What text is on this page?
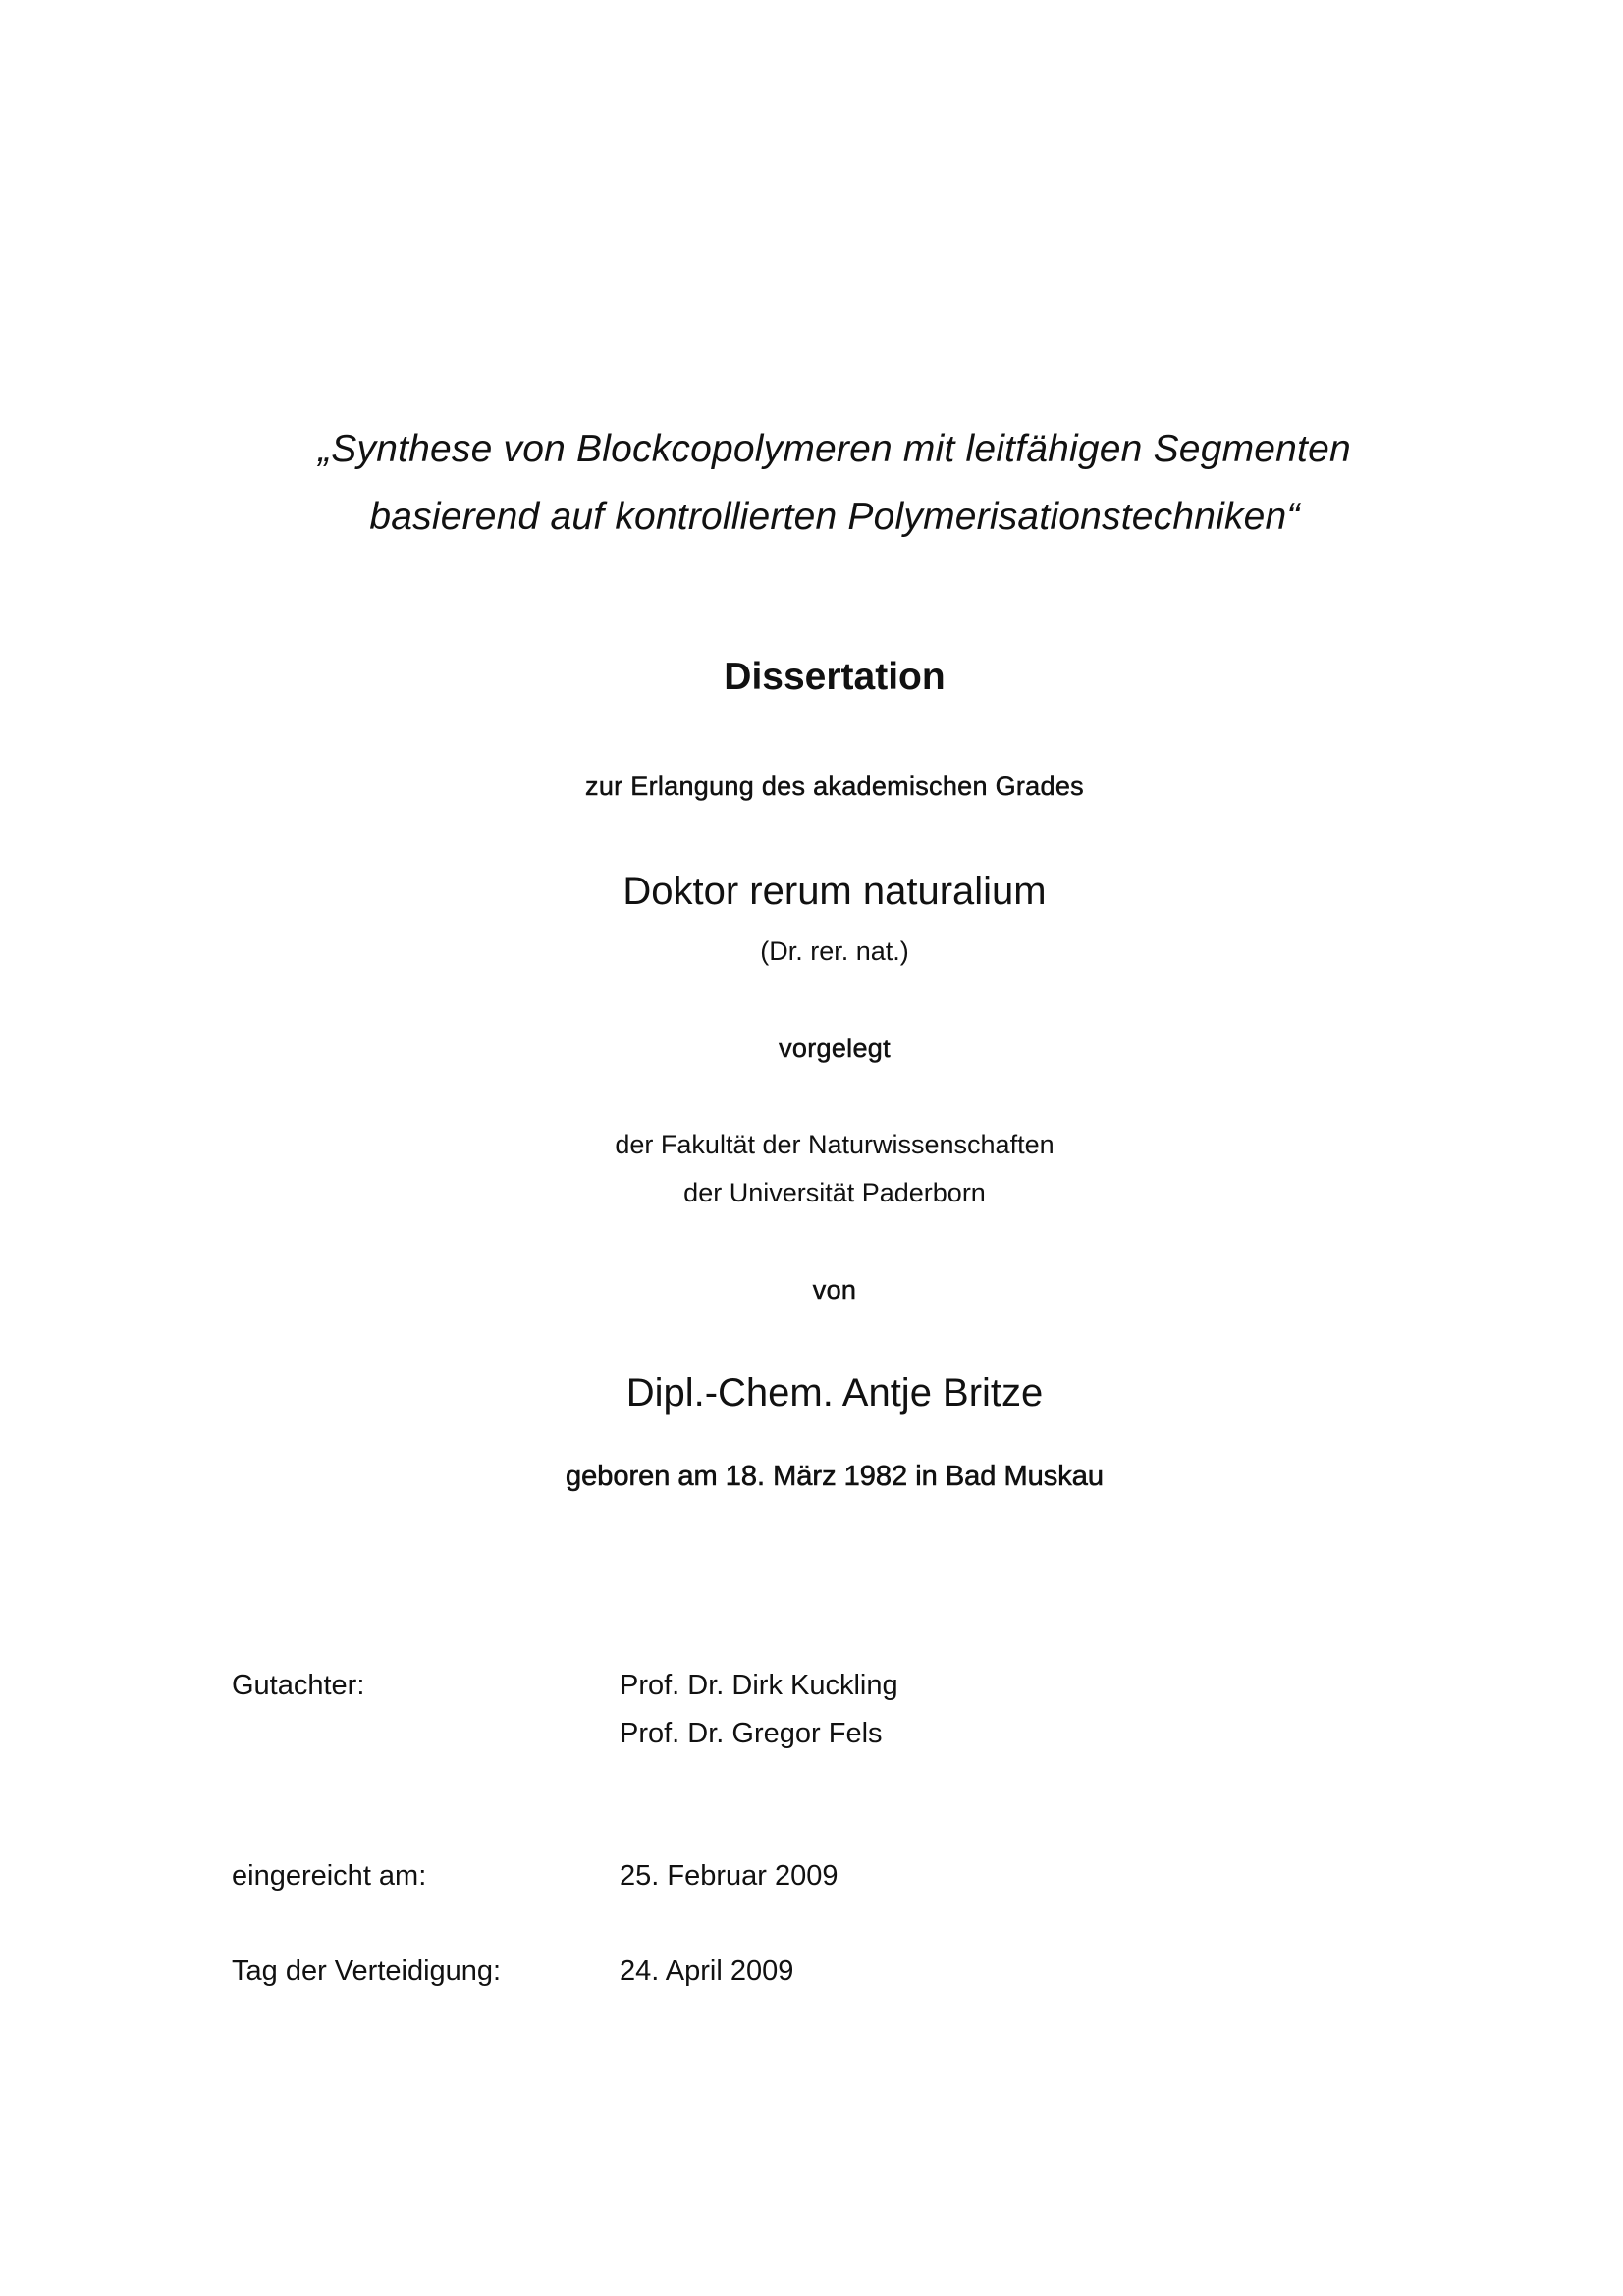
„Synthese von Blockcopolymeren mit leitfähigen Segmenten
basierend auf kontrollierten Polymerisationstechniken“
Dissertation
zur Erlangung des akademischen Grades
Doktor rerum naturalium
(Dr. rer. nat.)
vorgelegt
der Fakultät der Naturwissenschaften
der Universität Paderborn
von
Dipl.-Chem. Antje Britze
geboren am 18. März 1982 in Bad Muskau
Gutachter:	Prof. Dr. Dirk Kuckling
Prof. Dr. Gregor Fels
eingereicht am:	25. Februar 2009
Tag der Verteidigung:	24. April 2009
